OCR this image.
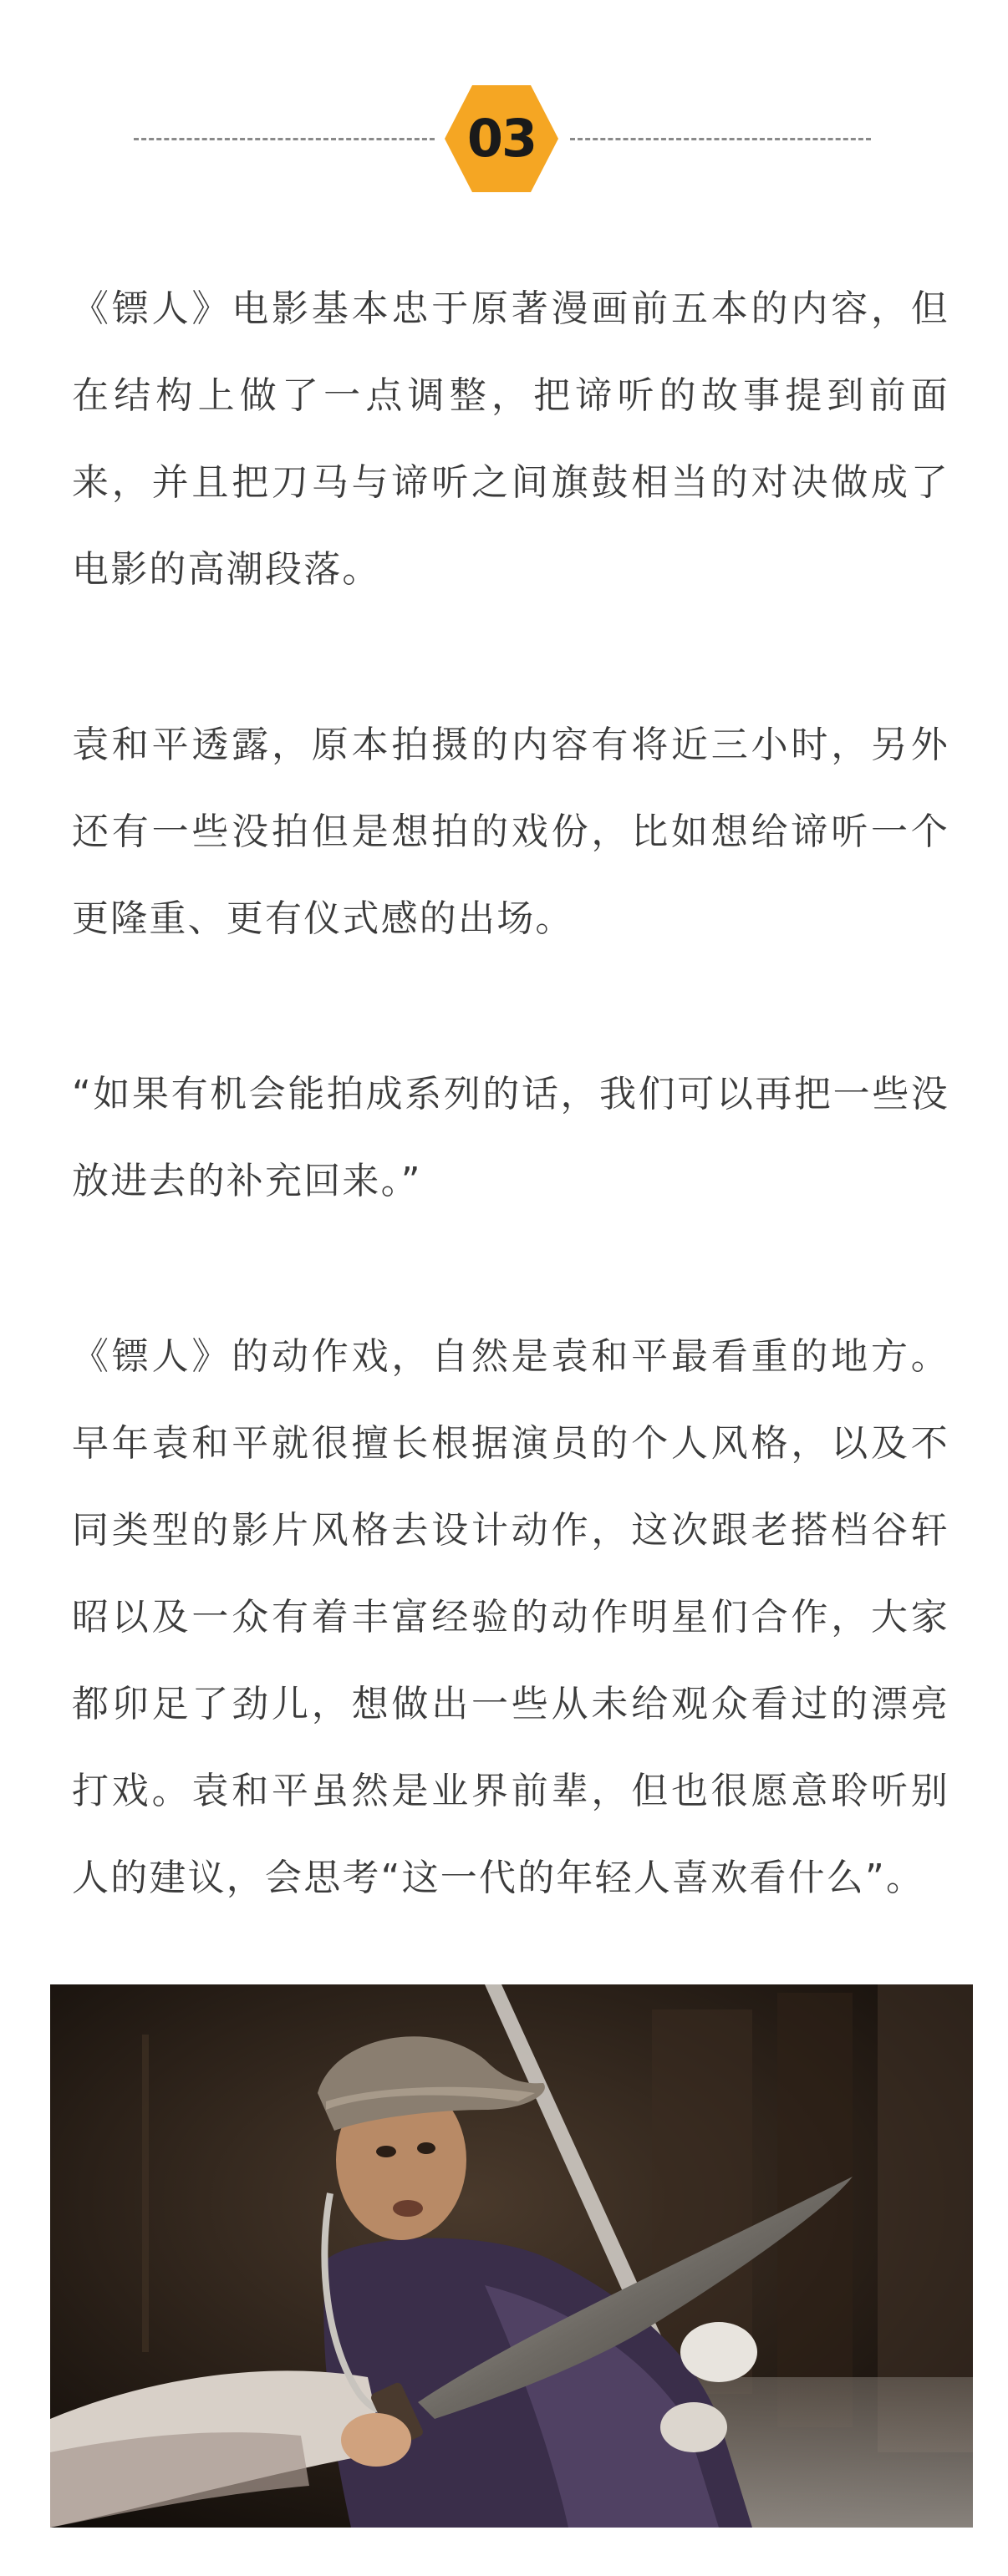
03

《镖人》电影基本忠于原著漫画前五本的内容，但在结构上做了一点调整，把谛听的故事提到前面来，并且把刀马与谛听之间旗鼓相当的对决做成了电影的高潮段落。

袁和平透露，原本拍摄的内容有将近三小时，另外还有一些没拍但是想拍的戏份，比如想给谛听一个更隆重、更有仪式感的出场。

“如果有机会能拍成系列的话，我们可以再把一些没放进去的补充回来。”

《镖人》的动作戏，自然是袁和平最看重的地方。早年袁和平就很擅长根据演员的个人风格，以及不同类型的影片风格去设计动作，这次跟老搭档谷轩昭以及一众有着丰富经验的动作明星们合作，大家都卯足了劲儿，想做出一些从未给观众看过的漂亮打戏。袁和平虽然是业界前辈，但也很愿意聆听别人的建议，会思考“这一代的年轻人喜欢看什么”。
